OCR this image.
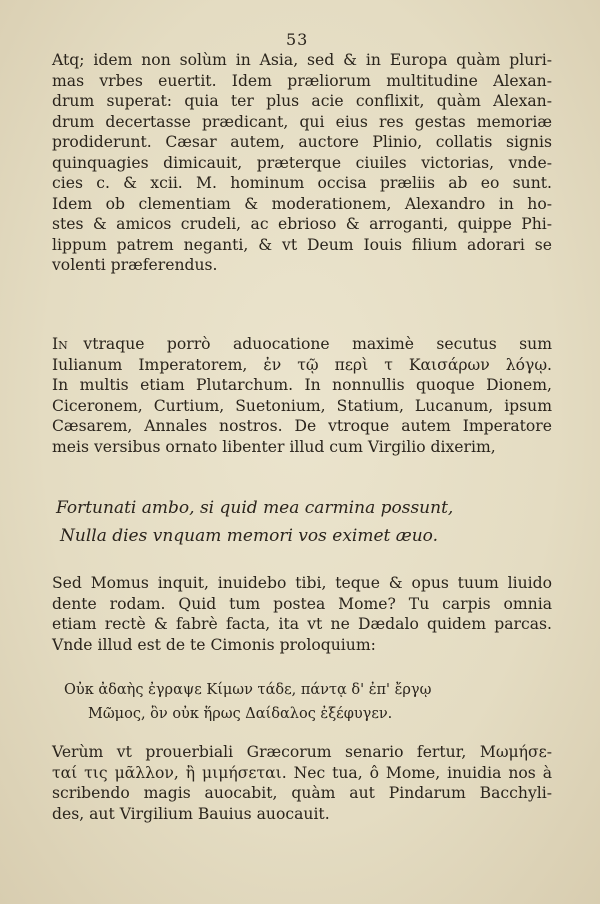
53
Atq; idem non solùm in Asia, sed & in Europa quàm pluri-
mas vrbes euertit. Idem præliorum multitudine Alexan-
drum superat: quia ter plus acie conflixit, quàm Alexan-
drum decertasse prædicant, qui eius res gestas memoriæ
prodiderunt. Cæsar autem, auctore Plinio, collatis signis
quinquagies dimicauit, præterque ciuiles victorias, vnde-
cies c. & xcii. M. hominum occisa præliis ab eo sunt.
Idem ob clementiam & moderationem, Alexandro in ho-
stes & amicos crudeli, ac ebrioso & arroganti, quippe Phi-
lippum patrem neganti, & vt Deum Iouis filium adorari se
volenti præferendus.
In  vtraque porrò aduocatione maximè secutus sum
Iulianum Imperatorem, ἐν τῷ περὶ τ Καισάρων λόγῳ.
In multis etiam Plutarchum. In nonnullis quoque Dionem,
Ciceronem, Curtium, Suetonium, Statium, Lucanum, ipsum
Cæsarem, Annales nostros. De vtroque autem Imperatore
meis versibus ornato libenter illud cum Virgilio dixerim,
Fortunati ambo, si quid mea carmina possunt,
Nulla dies vnquam memori vos eximet æuo.
Sed Momus inquit, inuidebo tibi, teque & opus tuum liuido
dente rodam. Quid tum postea Mome? Tu carpis omnia
etiam rectè & fabrè facta, ita vt ne Dædalo quidem parcas.
Vnde illud est de te Cimonis proloquium:
Οὐκ ἀδαὴς ἐγραψε Κίμων τάδε, πάντᾳ δ' ἐπ' ἔργῳ
Μῶμος, ὃν οὐκ ἥρως Δαίδαλος ἐξέφυγεν.
Verùm vt prouerbiali Græcorum senario fertur, Μωμήσε-
ταί τις μᾶλλον, ἢ μιμήσεται. Nec tua, ô Mome, inuidia nos à
scribendo magis auocabit, quàm aut Pindarum Bacchyli-
des, aut Virgilium Bauius auocauit.
